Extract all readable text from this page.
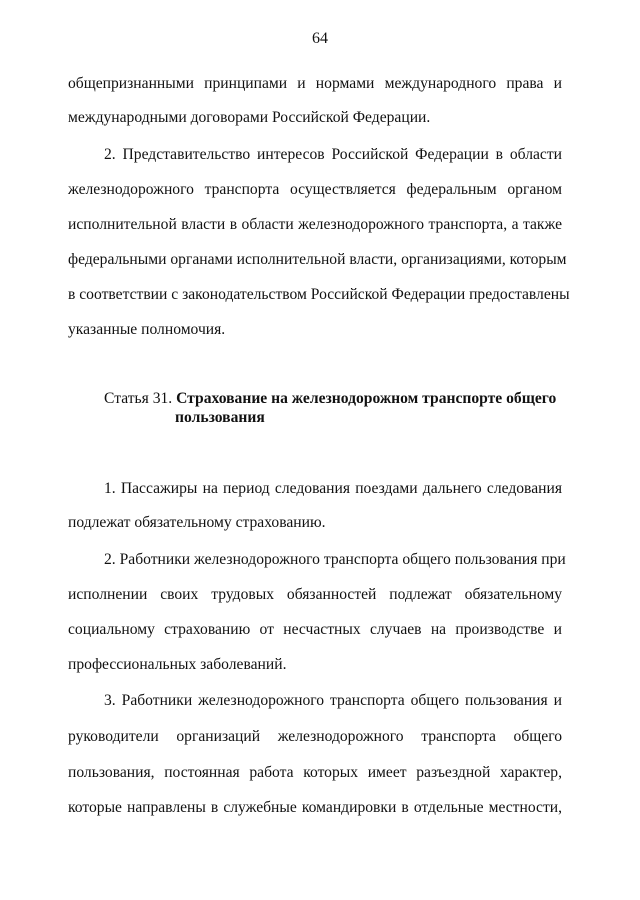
64
общепризнанными принципами и нормами международного права и
международными договорами Российской Федерации.
2. Представительство интересов Российской Федерации в области
железнодорожного транспорта осуществляется федеральным органом
исполнительной власти в области железнодорожного транспорта, а также
федеральными органами исполнительной власти, организациями, которым
в соответствии с законодательством Российской Федерации предоставлены
указанные полномочия.
Статья 31. Страхование на железнодорожном транспорте общего
пользования
1. Пассажиры на период следования поездами дальнего следования
подлежат обязательному страхованию.
2. Работники железнодорожного транспорта общего пользования при
исполнении своих трудовых обязанностей подлежат обязательному
социальному страхованию от несчастных случаев на производстве и
профессиональных заболеваний.
3. Работники железнодорожного транспорта общего пользования и
руководители организаций железнодорожного транспорта общего
пользования, постоянная работа которых имеет разъездной характер,
которые направлены в служебные командировки в отдельные местности,
